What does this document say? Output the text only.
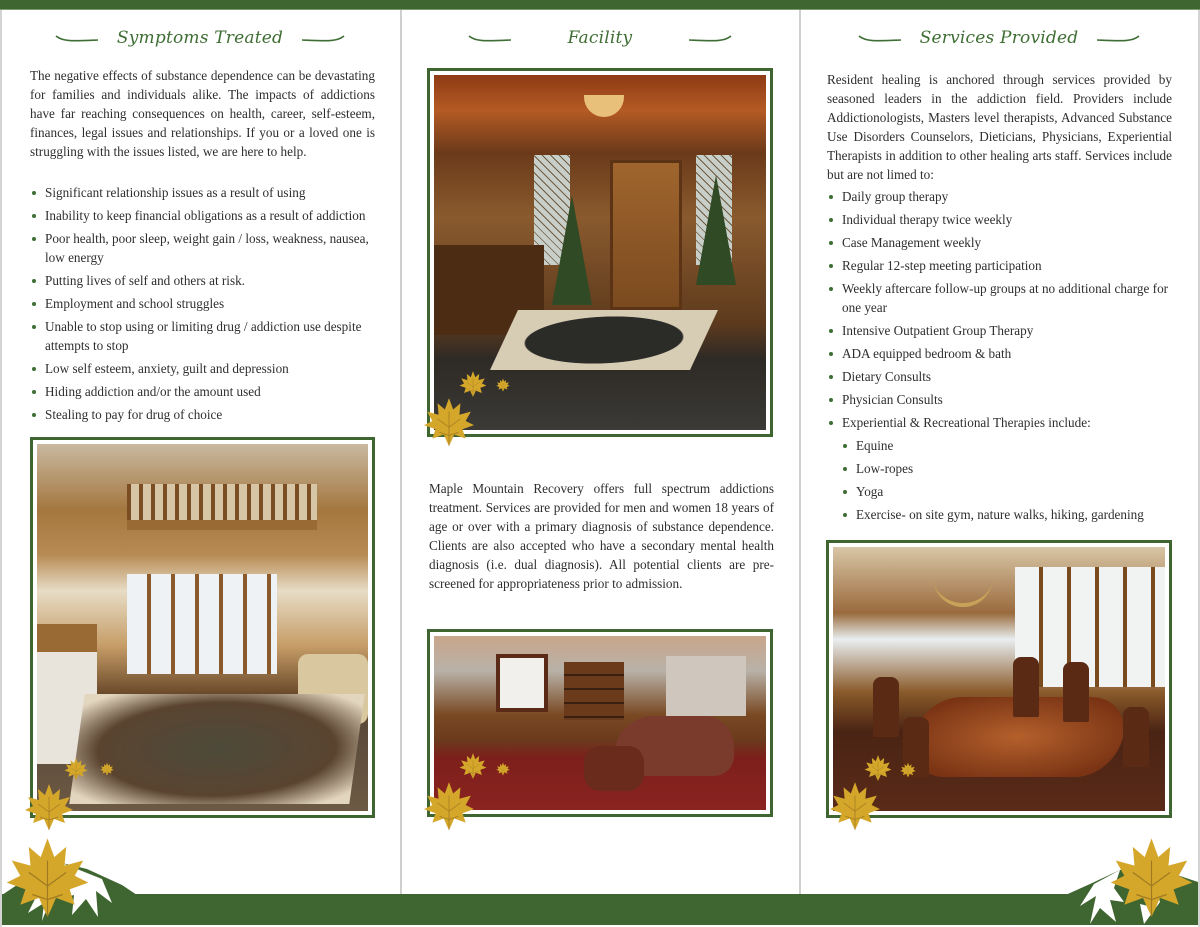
Symptoms Treated

The negative effects of substance dependence can be devastating for families and individuals alike. The impacts of addictions have far reaching consequences on health, career, self-esteem, finances, legal issues and relationships. If you or a loved one is struggling with the issues listed, we are here to help.

Significant relationship issues as a result of using
Inability to keep financial obligations as a result of addiction
Poor health, poor sleep, weight gain / loss, weakness, nausea, low energy
Putting lives of self and others at risk.
Employment and school struggles
Unable to stop using or limiting drug / addiction use despite attempts to stop
Low self esteem, anxiety, guilt and depression
Hiding addiction and/or the amount used
Stealing to pay for drug of choice
Facility

Maple Mountain Recovery offers full spectrum addictions treatment. Services are provided for men and women 18 years of age or over with a primary diagnosis of substance dependence. Clients are also accepted who have a secondary mental health diagnosis (i.e. dual diagnosis). All potential clients are pre-screened for appropriateness prior to admission.

Services Provided

Resident healing is anchored through services provided by seasoned leaders in the addiction field. Providers include Addictionologists, Masters level therapists, Advanced Substance Use Disorders Counselors, Dieticians, Physicians, Experiential Therapists in addition to other healing arts staff. Services include but are not limed to:

Daily group therapy
Individual therapy twice weekly
Case Management weekly
Regular 12-step meeting participation
Weekly aftercare follow-up groups at no additional charge for one year
Intensive Outpatient Group Therapy
ADA equipped bedroom & bath
Dietary Consults
Physician Consults
Experiential & Recreational Therapies include:
Equine
Low-ropes
Yoga
Exercise- on site gym, nature walks, hiking, gardening
